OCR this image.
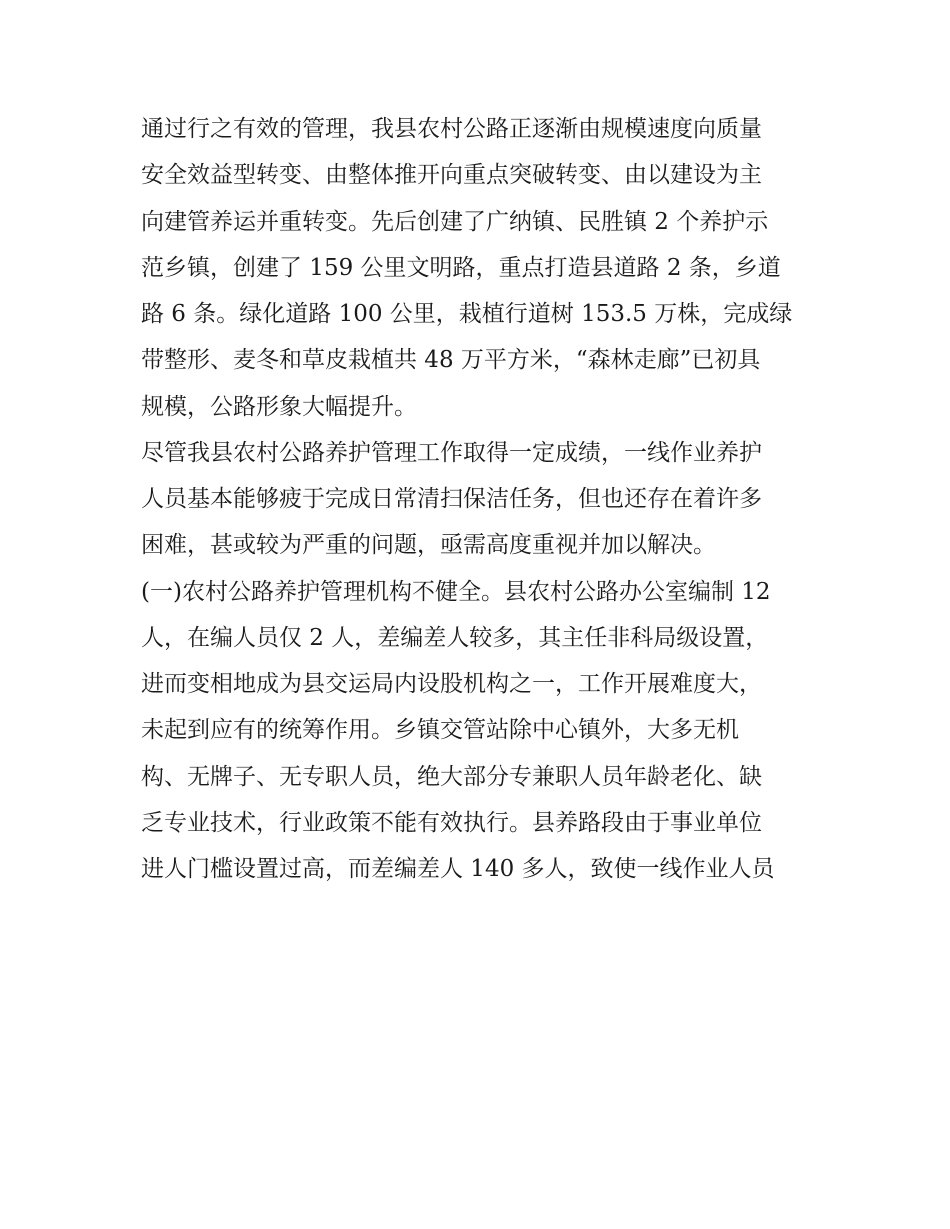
通过行之有效的管理，我县农村公路正逐渐由规模速度向质量
安全效益型转变、由整体推开向重点突破转变、由以建设为主
向建管养运并重转变。先后创建了广纳镇、民胜镇 2 个养护示
范乡镇，创建了 159 公里文明路，重点打造县道路 2 条，乡道
路 6 条。绿化道路 100 公里，栽植行道树 153.5 万株，完成绿
带整形、麦冬和草皮栽植共 48 万平方米，“森林走廊”已初具
规模，公路形象大幅提升。
尽管我县农村公路养护管理工作取得一定成绩，一线作业养护
人员基本能够疲于完成日常清扫保洁任务，但也还存在着许多
困难，甚或较为严重的问题，亟需高度重视并加以解决。
(一)农村公路养护管理机构不健全。县农村公路办公室编制 12
人，在编人员仅 2 人，差编差人较多，其主任非科局级设置，
进而变相地成为县交运局内设股机构之一，工作开展难度大，
未起到应有的统筹作用。乡镇交管站除中心镇外，大多无机
构、无牌子、无专职人员，绝大部分专兼职人员年龄老化、缺
乏专业技术，行业政策不能有效执行。县养路段由于事业单位
进人门槛设置过高，而差编差人 140 多人，致使一线作业人员
